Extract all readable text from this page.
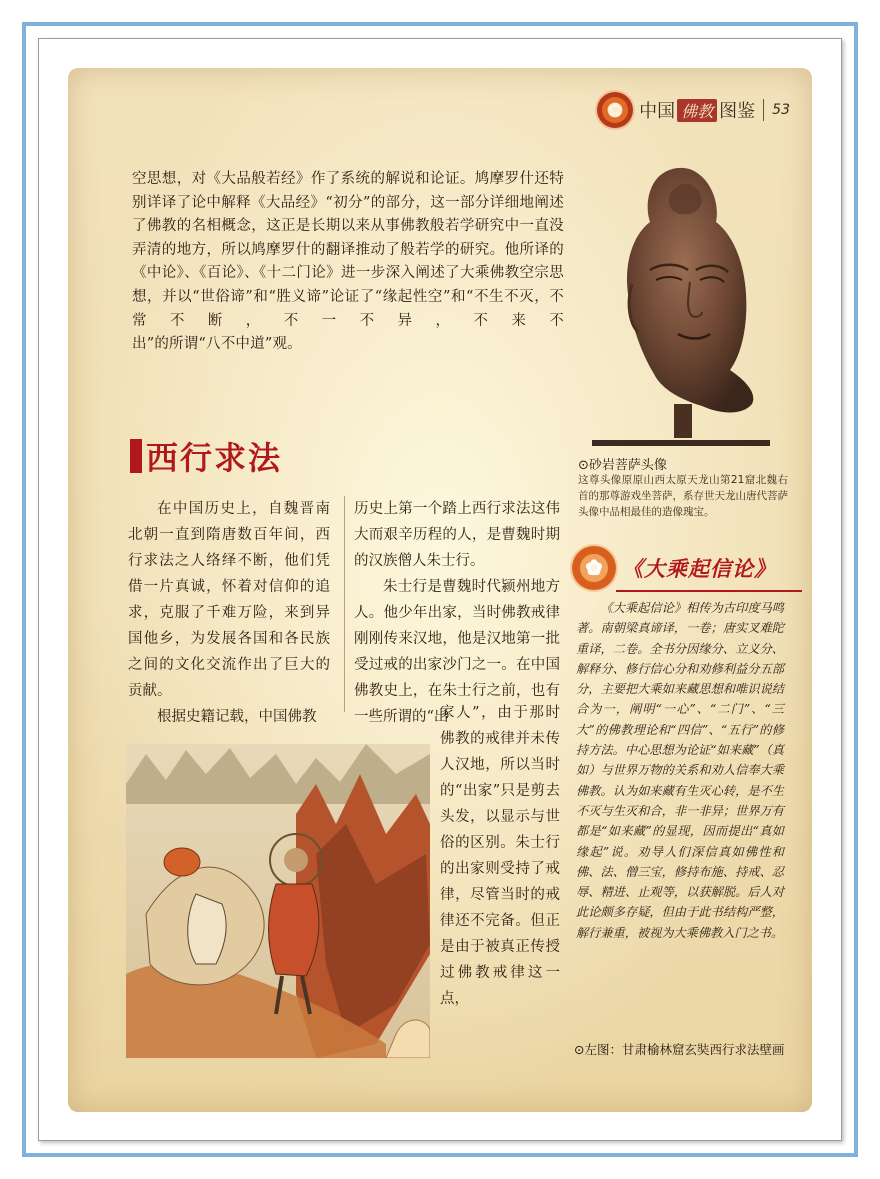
✿ 中国 佛教 图鉴 53
空思想，对《大品般若经》作了系统的解说和论证。鸠摩罗什还特别详译了论中解释《大品经》“初分”的部分，这一部分详细地阐述了佛教的名相概念，这正是长期以来从事佛教般若学研究中一直没弄清的地方，所以鸠摩罗什的翻译推动了般若学的研究。他所译的《中论》、《百论》、《十二门论》进一步深入阐述了大乘佛教空宗思想，并以“世俗谛”和“胜义谛”论证了“缘起性空”和“不生不灭，不常不断，不一不异，不来不
出”的所谓“八不中道”观。
西行求法

在中国历史上，自魏晋南北朝一直到隋唐数百年间，西行求法之人络绎不断，他们凭借一片真诚，怀着对信仰的追求，克服了千难万险，来到异国他乡，为发展各国和各民族之间的文化交流作出了巨大的贡献。

根据史籍记载，中国佛教

历史上第一个踏上西行求法这伟大而艰辛历程的人，是曹魏时期的汉族僧人朱士行。

朱士行是曹魏时代颍州地方人。他少年出家，当时佛教戒律刚刚传来汉地，他是汉地第一批受过戒的出家沙门之一。在中国佛教史上，在朱士行之前，也有一些所谓的“出

家人”，由于那时佛教的戒律并未传人汉地，所以当时的“出家”只是剪去头发，以显示与世俗的区别。朱士行的出家则受持了戒律，尽管当时的戒律还不完备。但正是由于被真正传授过佛教戒律这一点，

⊙砂岩菩萨头像
这尊头像原原山西太原天龙山第21窟北魏右首的那尊游戏坐菩萨，系存世天龙山唐代菩萨头像中品相最佳的造像瑰宝。
✿ 《大乘起信论》

《大乘起信论》相传为古印度马鸣著。南朝梁真谛译，一卷；唐实叉难陀重译，二卷。全书分因缘分、立义分、解释分、修行信心分和劝修利益分五部分，主要把大乘如来藏思想和唯识说结合为一，阐明“一心”、“二门”、“三大”的佛教理论和“四信”、“五行”的修持方法。中心思想为论证“如来藏”（真如）与世界万物的关系和劝人信奉大乘佛教。认为如来藏有生灭心转，是不生不灭与生灭和合，非一非异；世界万有都是“如来藏”的显现，因而提出“真如缘起”说。劝导人们深信真如佛性和佛、法、僧三宝，修持布施、持戒、忍辱、精进、止观等，以获解脱。后人对此论颇多存疑，但由于此书结构严整，解行兼重，被视为大乘佛教入门之书。

⊙左图：甘肃榆林窟玄奘西行求法壁画
